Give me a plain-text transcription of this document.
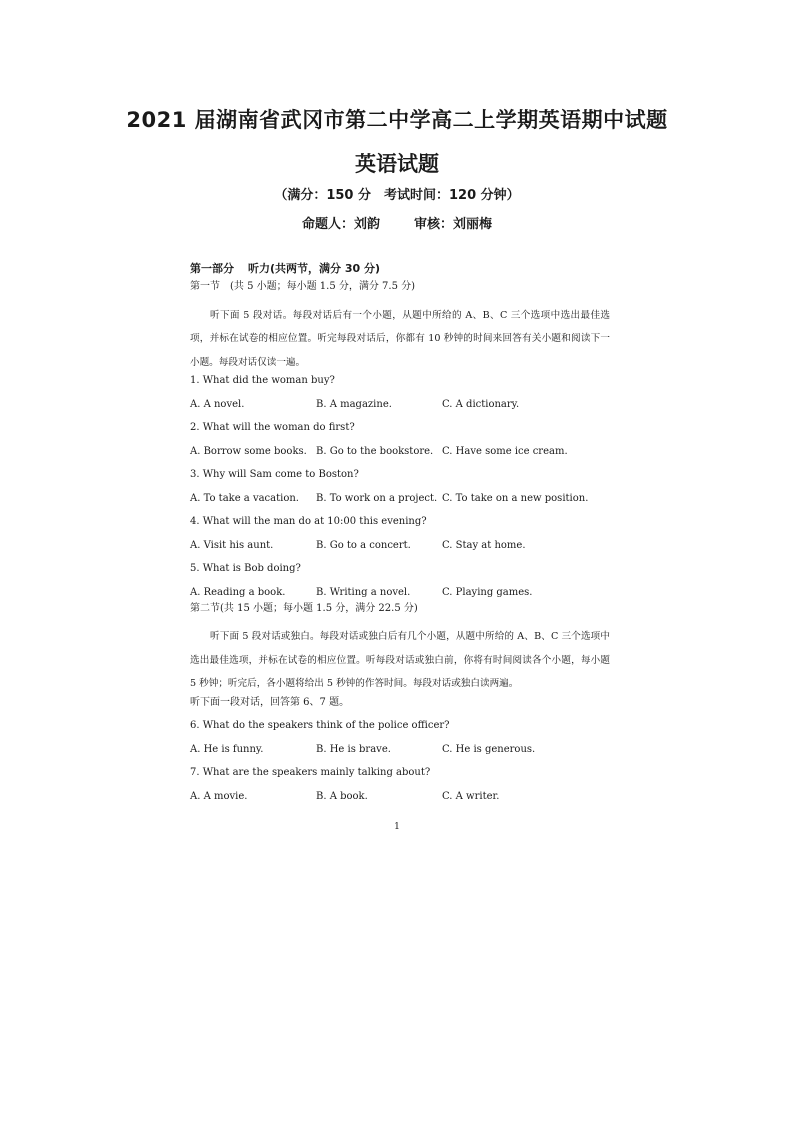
2021 届湖南省武冈市第二中学高二上学期英语期中试题
英语试题
（满分：150 分　考试时间：120 分钟）
命题人：刘韵	审核：刘丽梅
第一部分 听力(共两节，满分 30 分)
第一节　(共 5 小题；每小题 1.5 分，满分 7.5 分)

听下面 5 段对话。每段对话后有一个小题，从题中所给的 A、B、C 三个选项中选出最佳选项，并标在试卷的相应位置。听完每段对话后，你都有 10 秒钟的时间来回答有关小题和阅读下一小题。每段对话仅读一遍。

1. What did the woman buy?
A. A novel.	B. A magazine.	C. A dictionary.
2. What will the woman do first?
A. Borrow some books. B. Go to the bookstore. C. Have some ice cream.
3. Why will Sam come to Boston?
A. To take a vacation.	B. To work on a project. C. To take on a new position.
4. What will the man do at 10:00 this evening?
A. Visit his aunt.	B. Go to a concert.	C. Stay at home.
5. What is Bob doing?
A. Reading a book.	B. Writing a novel.	C. Playing games.
第二节(共 15 小题；每小题 1.5 分，满分 22.5 分)

听下面 5 段对话或独白。每段对话或独白后有几个小题，从题中所给的 A、B、C 三个选项中选出最佳选项，并标在试卷的相应位置。听每段对话或独白前，你将有时间阅读各个小题，每小题 5 秒钟；听完后，各小题将给出 5 秒钟的作答时间。每段对话或独白读两遍。

听下面一段对话，回答第 6、7 题。
6. What do the speakers think of the police officer?
A. He is funny.	B. He is brave.	C. He is generous.
7. What are the speakers mainly talking about?
A. A movie.	B. A book.	C. A writer.
1
